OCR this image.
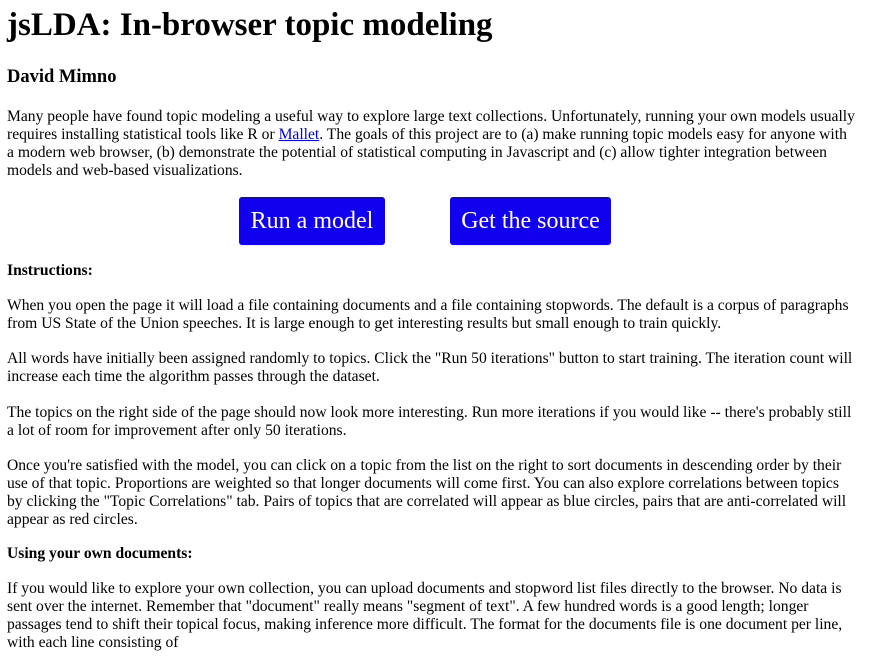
jsLDA: In-browser topic modeling
David Mimno

Many people have found topic modeling a useful way to explore large text collections. Unfortunately, running your own models usually requires installing statistical tools like R or Mallet. The goals of this project are to (a) make running topic models easy for anyone with a modern web browser, (b) demonstrate the potential of statistical computing in Javascript and (c) allow tighter integration between models and web-based visualizations.

Run a model	Get the source

Instructions:

When you open the page it will load a file containing documents and a file containing stopwords. The default is a corpus of paragraphs from US State of the Union speeches. It is large enough to get interesting results but small enough to train quickly.

All words have initially been assigned randomly to topics. Click the "Run 50 iterations" button to start training. The iteration count will increase each time the algorithm passes through the dataset.

The topics on the right side of the page should now look more interesting. Run more iterations if you would like -- there's probably still a lot of room for improvement after only 50 iterations.

Once you're satisfied with the model, you can click on a topic from the list on the right to sort documents in descending order by their use of that topic. Proportions are weighted so that longer documents will come first. You can also explore correlations between topics by clicking the "Topic Correlations" tab. Pairs of topics that are correlated will appear as blue circles, pairs that are anti-correlated will appear as red circles.

Using your own documents:

If you would like to explore your own collection, you can upload documents and stopword list files directly to the browser. No data is sent over the internet. Remember that "document" really means "segment of text". A few hundred words is a good length; longer passages tend to shift their topical focus, making inference more difficult. The format for the documents file is one document per line, with each line consisting of
